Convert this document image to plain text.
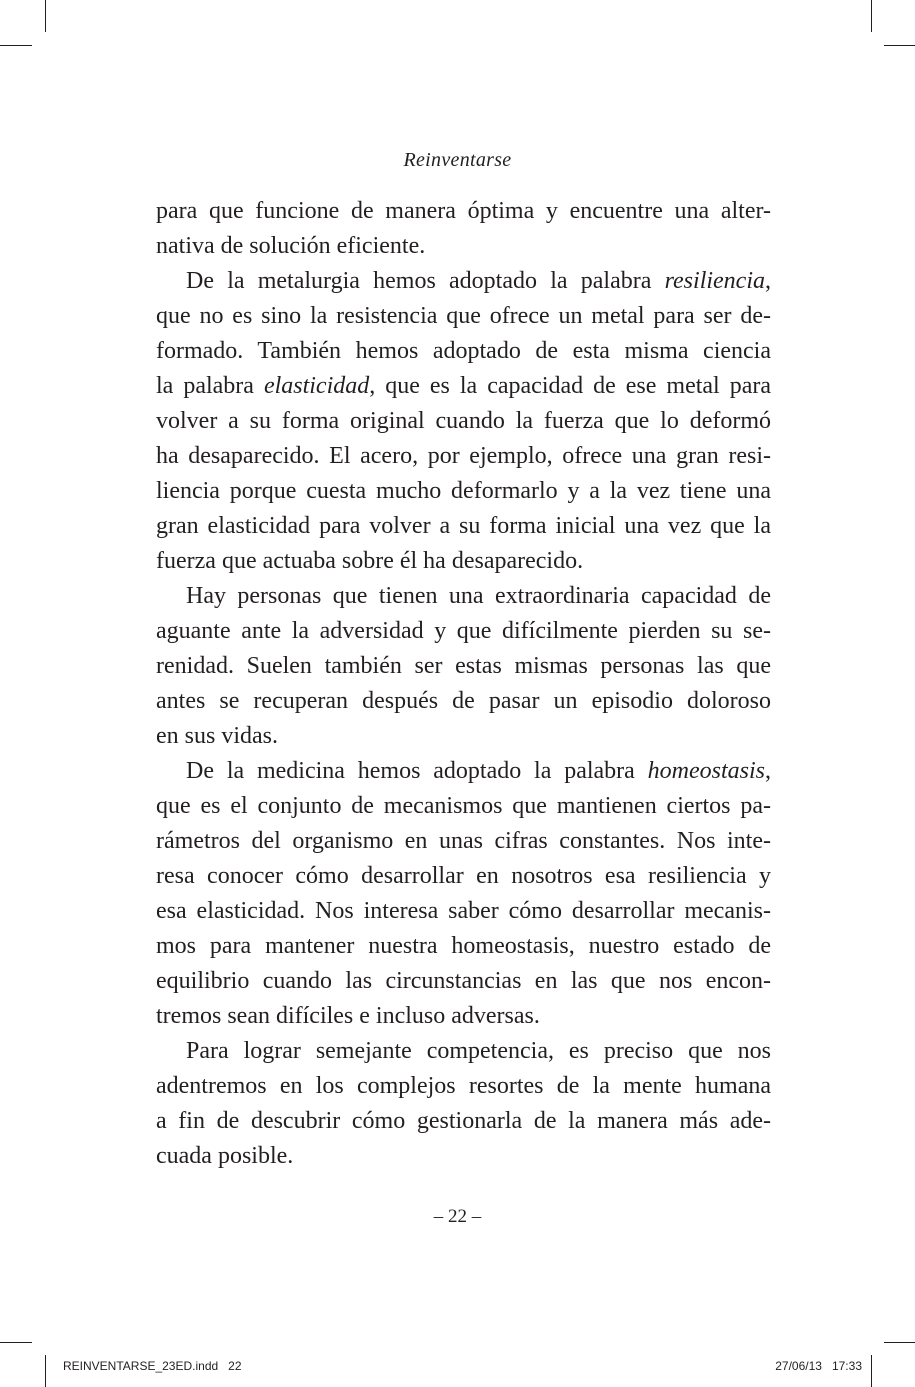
Reinventarse

para que funcione de manera óptima y encuentre una alter-
nativa de solución eficiente.

De la metalurgia hemos adoptado la palabra resiliencia,
que no es sino la resistencia que ofrece un metal para ser de-
formado. También hemos adoptado de esta misma ciencia
la palabra elasticidad, que es la capacidad de ese metal para
volver a su forma original cuando la fuerza que lo deformó
ha desaparecido. El acero, por ejemplo, ofrece una gran resi-
liencia porque cuesta mucho deformarlo y a la vez tiene una
gran elasticidad para volver a su forma inicial una vez que la
fuerza que actuaba sobre él ha desaparecido.

Hay personas que tienen una extraordinaria capacidad de
aguante ante la adversidad y que difícilmente pierden su se-
renidad. Suelen también ser estas mismas personas las que
antes se recuperan después de pasar un episodio doloroso
en sus vidas.

De la medicina hemos adoptado la palabra homeostasis,
que es el conjunto de mecanismos que mantienen ciertos pa-
rámetros del organismo en unas cifras constantes. Nos inte-
resa conocer cómo desarrollar en nosotros esa resiliencia y
esa elasticidad. Nos interesa saber cómo desarrollar mecanis-
mos para mantener nuestra homeostasis, nuestro estado de
equilibrio cuando las circunstancias en las que nos encon-
tremos sean difíciles e incluso adversas.

Para lograr semejante competencia, es preciso que nos
adentremos en los complejos resortes de la mente humana
a fin de descubrir cómo gestionarla de la manera más ade-
cuada posible.

– 22 –
REINVENTARSE_23ED.indd   22	27/06/13   17:33
